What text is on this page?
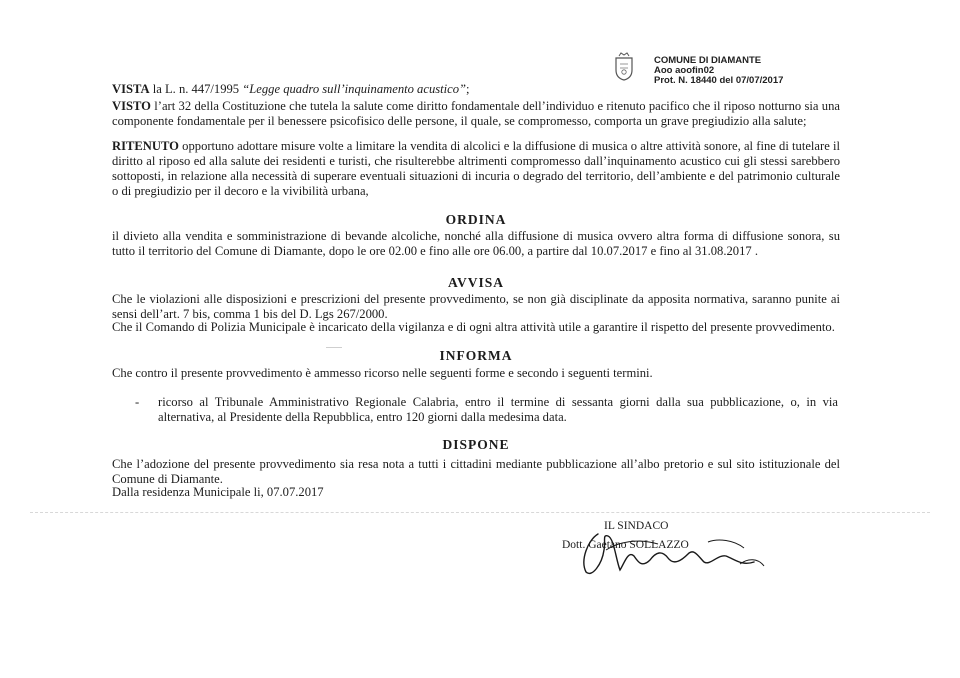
COMUNE DI DIAMANTE
Aoo aoofin02
Prot. N. 18440 del 07/07/2017
VISTA la L. n. 447/1995 “Legge quadro sull’inquinamento acustico”;
VISTO l’art 32 della Costituzione che tutela la salute come diritto fondamentale dell’individuo e ritenuto pacifico che il riposo notturno sia una componente fondamentale per il benessere psicofisico delle persone, il quale, se compromesso, comporta un grave pregiudizio alla salute;
RITENUTO opportuno adottare misure volte a limitare la vendita di alcolici e la diffusione di musica o altre attività sonore, al fine di tutelare il diritto al riposo ed alla salute dei residenti e turisti, che risulterebbe altrimenti compromesso dall’inquinamento acustico cui gli stessi sarebbero sottoposti, in relazione alla necessità di superare eventuali situazioni di incuria o degrado del territorio, dell’ambiente e del patrimonio culturale o di pregiudizio per il decoro e la vivibilità urbana,
ORDINA
il divieto alla vendita e somministrazione di bevande alcoliche, nonché alla diffusione di musica ovvero altra forma di diffusione sonora, su tutto il territorio del Comune di Diamante, dopo le ore 02.00 e fino alle ore 06.00, a partire dal 10.07.2017 e fino al 31.08.2017 .
AVVISA
Che le violazioni alle disposizioni e prescrizioni del presente provvedimento, se non già disciplinate da apposita normativa, saranno punite ai sensi dell’art. 7 bis, comma 1 bis del D. Lgs 267/2000.
Che il Comando di Polizia Municipale è incaricato della vigilanza e di ogni altra attività utile a garantire il rispetto del presente provvedimento.
INFORMA
Che contro il presente provvedimento è ammesso ricorso nelle seguenti forme e secondo i seguenti termini.
- ricorso al Tribunale Amministrativo Regionale Calabria, entro il termine di sessanta giorni dalla sua pubblicazione, o, in via alternativa, al Presidente della Repubblica, entro 120 giorni dalla medesima data.
DISPONE
Che l’adozione del presente provvedimento sia resa nota a tutti i cittadini mediante pubblicazione all’albo pretorio e sul sito istituzionale del Comune di Diamante.
Dalla residenza Municipale li, 07.07.2017
IL SINDACO
Dott. Gaetano SOLLAZZO
